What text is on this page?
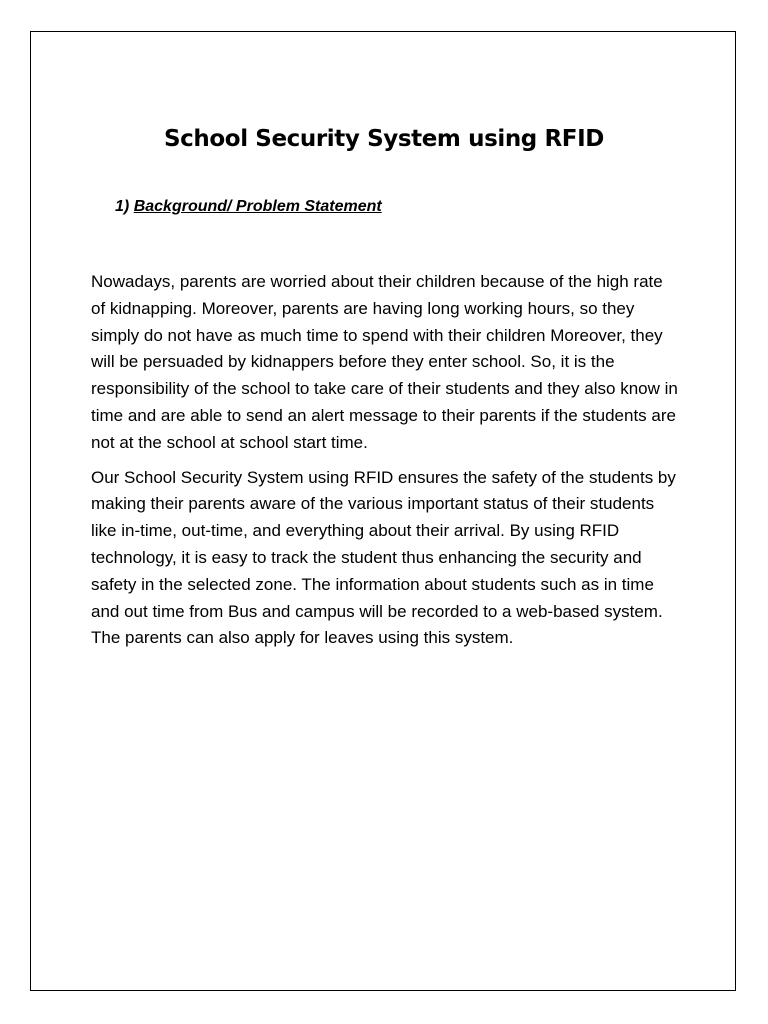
School Security System using RFID
1) Background/ Problem Statement

Nowadays, parents are worried about their children because of the high rate of kidnapping. Moreover, parents are having long working hours, so they simply do not have as much time to spend with their children Moreover, they will be persuaded by kidnappers before they enter school. So, it is the responsibility of the school to take care of their students and they also know in time and are able to send an alert message to their parents if the students are not at the school at school start time.

Our School Security System using RFID ensures the safety of the students by making their parents aware of the various important status of their students like in-time, out-time, and everything about their arrival. By using RFID technology, it is easy to track the student thus enhancing the security and safety in the selected zone. The information about students such as in time and out time from Bus and campus will be recorded to a web-based system. The parents can also apply for leaves using this system.
